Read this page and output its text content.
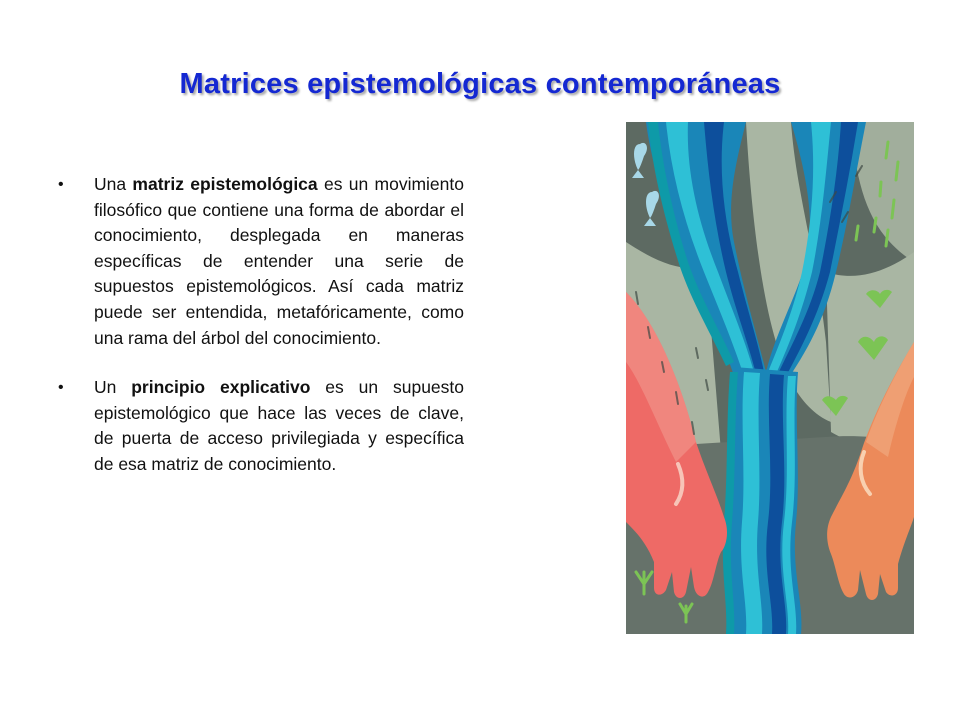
Matrices epistemológicas contemporáneas
•	Una matriz epistemológica es un movimiento filosófico que contiene una forma de abordar el conocimiento, desplegada en maneras específicas de entender una serie de supuestos epistemológicos. Así cada matriz puede ser entendida, metafóricamente, como una rama del árbol del conocimiento.
•	Un principio explicativo es un supuesto epistemológico que hace las veces de clave, de puerta de acceso privilegiada y específica de esa matriz de conocimiento.
